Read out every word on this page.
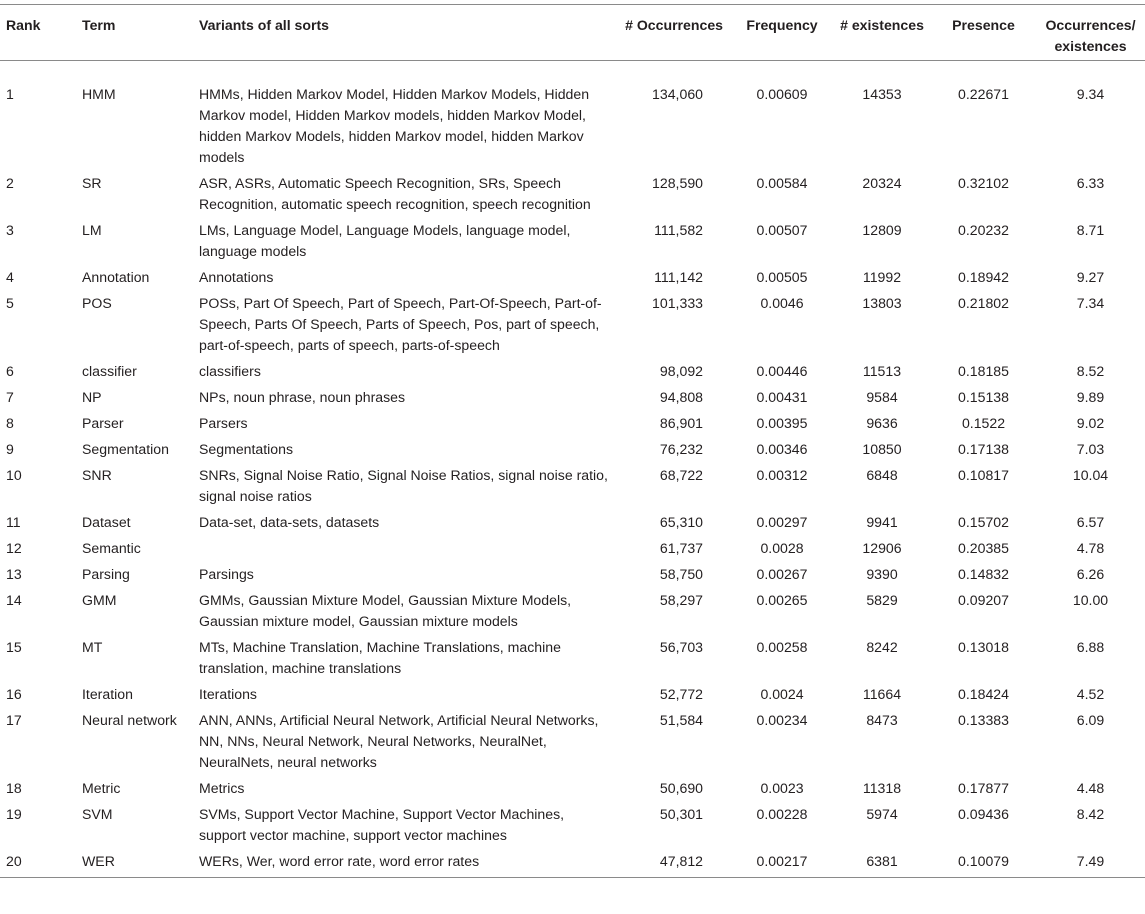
Rank	Term	Variants of all sorts	# Occurrences	Frequency	# existences	Presence	Occurrences/
existences
1	HMM	HMMs, Hidden Markov Model, Hidden Markov Models, Hidden Markov model, Hidden Markov models, hidden Markov Model, hidden Markov Models, hidden Markov model, hidden Markov models	134,060	0.00609	14353	0.22671	9.34
2	SR	ASR, ASRs, Automatic Speech Recognition, SRs, Speech Recognition, automatic speech recognition, speech recognition	128,590	0.00584	20324	0.32102	6.33
3	LM	LMs, Language Model, Language Models, language model, language models	111,582	0.00507	12809	0.20232	8.71
4	Annotation	Annotations	111,142	0.00505	11992	0.18942	9.27
5	POS	POSs, Part Of Speech, Part of Speech, Part-Of-Speech, Part-of-Speech, Parts Of Speech, Parts of Speech, Pos, part of speech, part-of-speech, parts of speech, parts-of-speech	101,333	0.0046	13803	0.21802	7.34
6	classifier	classifiers	98,092	0.00446	11513	0.18185	8.52
7	NP	NPs, noun phrase, noun phrases	94,808	0.00431	9584	0.15138	9.89
8	Parser	Parsers	86,901	0.00395	9636	0.1522	9.02
9	Segmentation	Segmentations	76,232	0.00346	10850	0.17138	7.03
10	SNR	SNRs, Signal Noise Ratio, Signal Noise Ratios, signal noise ratio, signal noise ratios	68,722	0.00312	6848	0.10817	10.04
11	Dataset	Data-set, data-sets, datasets	65,310	0.00297	9941	0.15702	6.57
12	Semantic		61,737	0.0028	12906	0.20385	4.78
13	Parsing	Parsings	58,750	0.00267	9390	0.14832	6.26
14	GMM	GMMs, Gaussian Mixture Model, Gaussian Mixture Models, Gaussian mixture model, Gaussian mixture models	58,297	0.00265	5829	0.09207	10.00
15	MT	MTs, Machine Translation, Machine Translations, machine translation, machine translations	56,703	0.00258	8242	0.13018	6.88
16	Iteration	Iterations	52,772	0.0024	11664	0.18424	4.52
17	Neural network	ANN, ANNs, Artificial Neural Network, Artificial Neural Networks, NN, NNs, Neural Network, Neural Networks, NeuralNet, NeuralNets, neural networks	51,584	0.00234	8473	0.13383	6.09
18	Metric	Metrics	50,690	0.0023	11318	0.17877	4.48
19	SVM	SVMs, Support Vector Machine, Support Vector Machines, support vector machine, support vector machines	50,301	0.00228	5974	0.09436	8.42
20	WER	WERs, Wer, word error rate, word error rates	47,812	0.00217	6381	0.10079	7.49
